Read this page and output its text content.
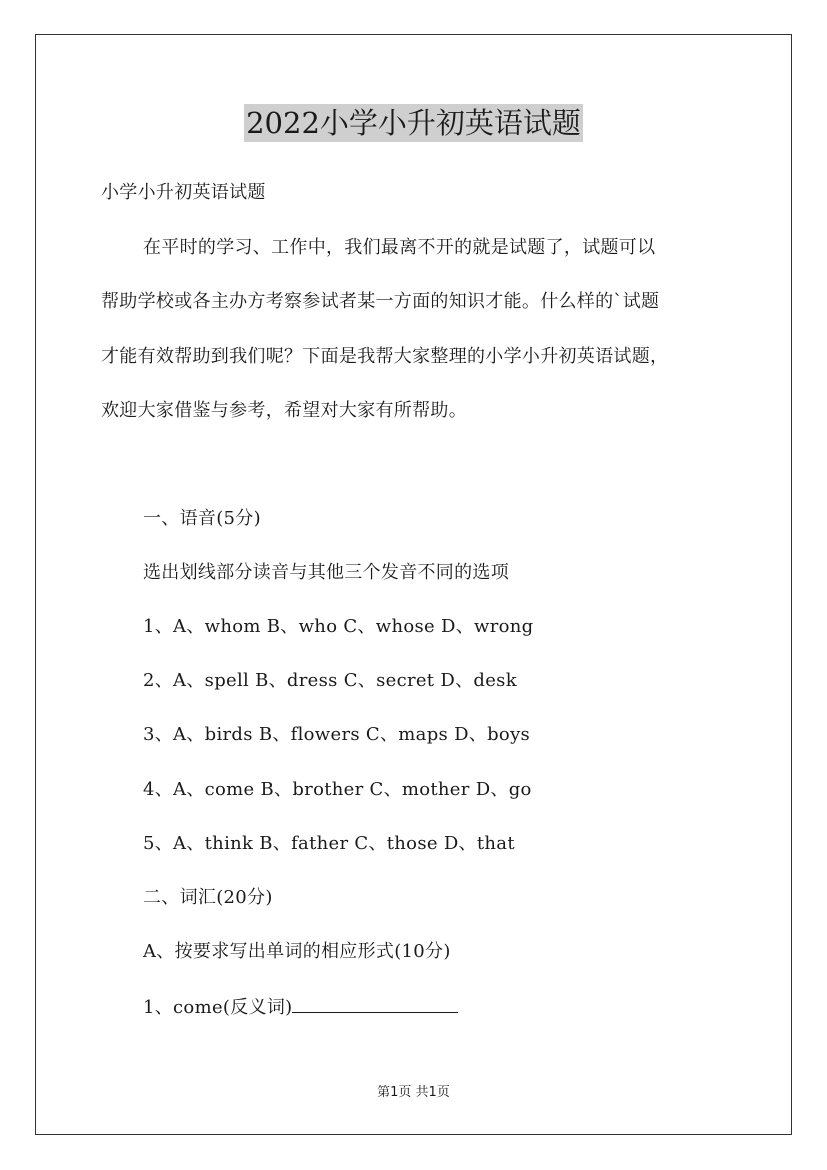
2022小学小升初英语试题
小学小升初英语试题
在平时的学习、工作中，我们最离不开的就是试题了，试题可以
帮助学校或各主办方考察参试者某一方面的知识才能。什么样的`试题
才能有效帮助到我们呢？下面是我帮大家整理的小学小升初英语试题，
欢迎大家借鉴与参考，希望对大家有所帮助。
一、语音(5分)
选出划线部分读音与其他三个发音不同的选项
1、A、whom B、who C、whose D、wrong
2、A、spell B、dress C、secret D、desk
3、A、birds B、flowers C、maps D、boys
4、A、come B、brother C、mother D、go
5、A、think B、father C、those D、that
二、词汇(20分)
A、按要求写出单词的相应形式(10分)
1、come(反义词)
第1页 共1页
